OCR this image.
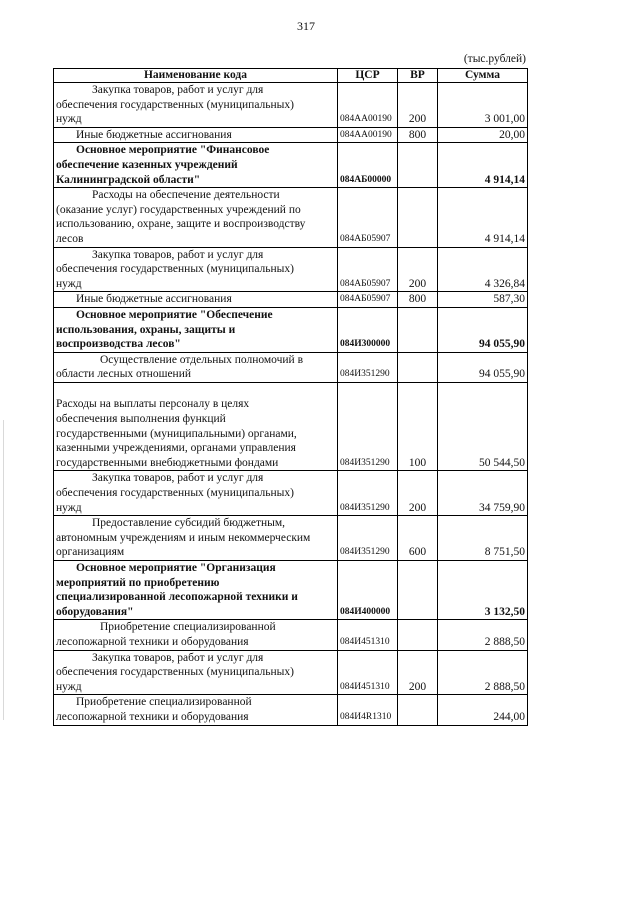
317
(тыс.рублей)
Наименование кода	ЦСР	ВР	Сумма

Закупка товаров, работ и услуг для
обеспечения государственных (муниципальных)
нужд	084АА00190	200	3 001,00

Иные бюджетные ассигнования	084АА00190	800	20,00

Основное мероприятие "Финансовое
обеспечение казенных учреждений
Калининградской области"	084АБ00000		4 914,14

Расходы на обеспечение деятельности
(оказание услуг) государственных учреждений по
использованию, охране, защите и воспроизводству
лесов	084АБ05907		4 914,14

Закупка товаров, работ и услуг для
обеспечения государственных (муниципальных)
нужд	084АБ05907	200	4 326,84

Иные бюджетные ассигнования	084АБ05907	800	587,30

Основное мероприятие "Обеспечение
использования, охраны, защиты и
воспроизводства лесов"	084И300000		94 055,90

Осуществление отдельных полномочий в
области лесных отношений	084И351290		94 055,90

Расходы на выплаты персоналу в целях
обеспечения выполнения функций
государственными (муниципальными) органами,
казенными учреждениями, органами управления
государственными внебюджетными фондами	084И351290	100	50 544,50

Закупка товаров, работ и услуг для
обеспечения государственных (муниципальных)
нужд	084И351290	200	34 759,90

Предоставление субсидий бюджетным,
автономным учреждениям и иным некоммерческим
организациям	084И351290	600	8 751,50

Основное мероприятие "Организация
мероприятий по приобретению
специализированной лесопожарной техники и
оборудования"	084И400000		3 132,50

Приобретение специализированной
лесопожарной техники и оборудования	084И451310		2 888,50

Закупка товаров, работ и услуг для
обеспечения государственных (муниципальных)
нужд	084И451310	200	2 888,50

Приобретение специализированной
лесопожарной техники и оборудования	084И4R1310		244,00
